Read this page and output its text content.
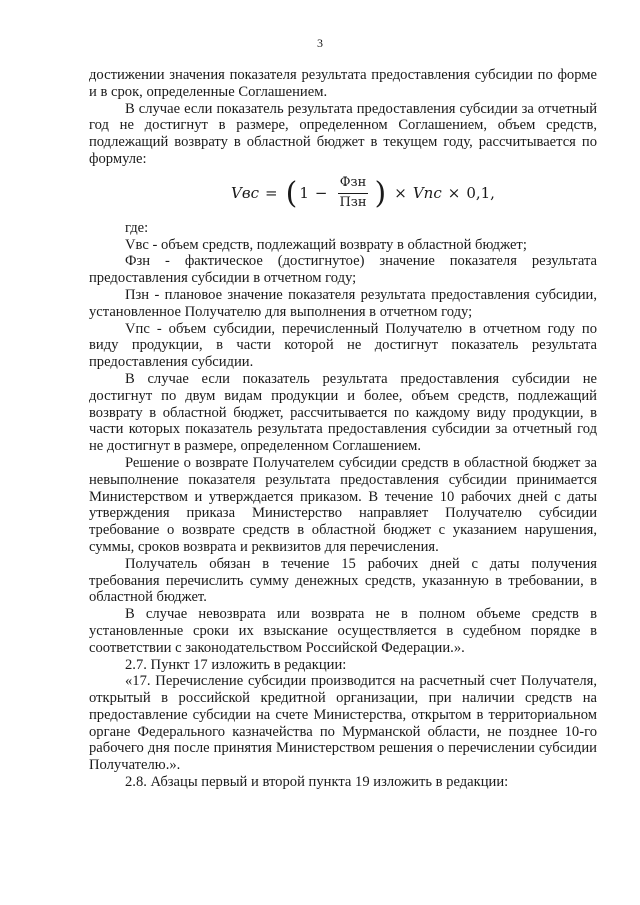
3

достижении значения показателя результата предоставления субсидии по форме и в срок, определенные Соглашением.

В случае если показатель результата предоставления субсидии за отчетный год не достигнут в размере, определенном Соглашением, объем средств, подлежащий возврату в областной бюджет в текущем году, рассчитывается по формуле:

Vвс = ( $1 - \frac{\text{Фзн}}{\text{Пзн}}$ ) × Vпс × 0,1,

где:

Vвс - объем средств, подлежащий возврату в областной бюджет;

Фзн - фактическое (достигнутое) значение показателя результата предоставления субсидии в отчетном году;

Пзн - плановое значение показателя результата предоставления субсидии, установленное Получателю для выполнения в отчетном году;

Vпс - объем субсидии, перечисленный Получателю в отчетном году по виду продукции, в части которой не достигнут показатель результата предоставления субсидии.

В случае если показатель результата предоставления субсидии не достигнут по двум видам продукции и более, объем средств, подлежащий возврату в областной бюджет, рассчитывается по каждому виду продукции, в части которых показатель результата предоставления субсидии за отчетный год не достигнут в размере, определенном Соглашением.

Решение о возврате Получателем субсидии средств в областной бюджет за невыполнение показателя результата предоставления субсидии принимается Министерством и утверждается приказом. В течение 10 рабочих дней с даты утверждения приказа Министерство направляет Получателю субсидии требование о возврате средств в областной бюджет с указанием нарушения, суммы, сроков возврата и реквизитов для перечисления.

Получатель обязан в течение 15 рабочих дней с даты получения требования перечислить сумму денежных средств, указанную в требовании, в областной бюджет.

В случае невозврата или возврата не в полном объеме средств в установленные сроки их взыскание осуществляется в судебном порядке в соответствии с законодательством Российской Федерации.».

2.7. Пункт 17 изложить в редакции:

«17. Перечисление субсидии производится на расчетный счет Получателя, открытый в российской кредитной организации, при наличии средств на предоставление субсидии на счете Министерства, открытом в территориальном органе Федерального казначейства по Мурманской области, не позднее 10-го рабочего дня после принятия Министерством решения о перечислении субсидии Получателю.».

2.8. Абзацы первый и второй пункта 19 изложить в редакции:
